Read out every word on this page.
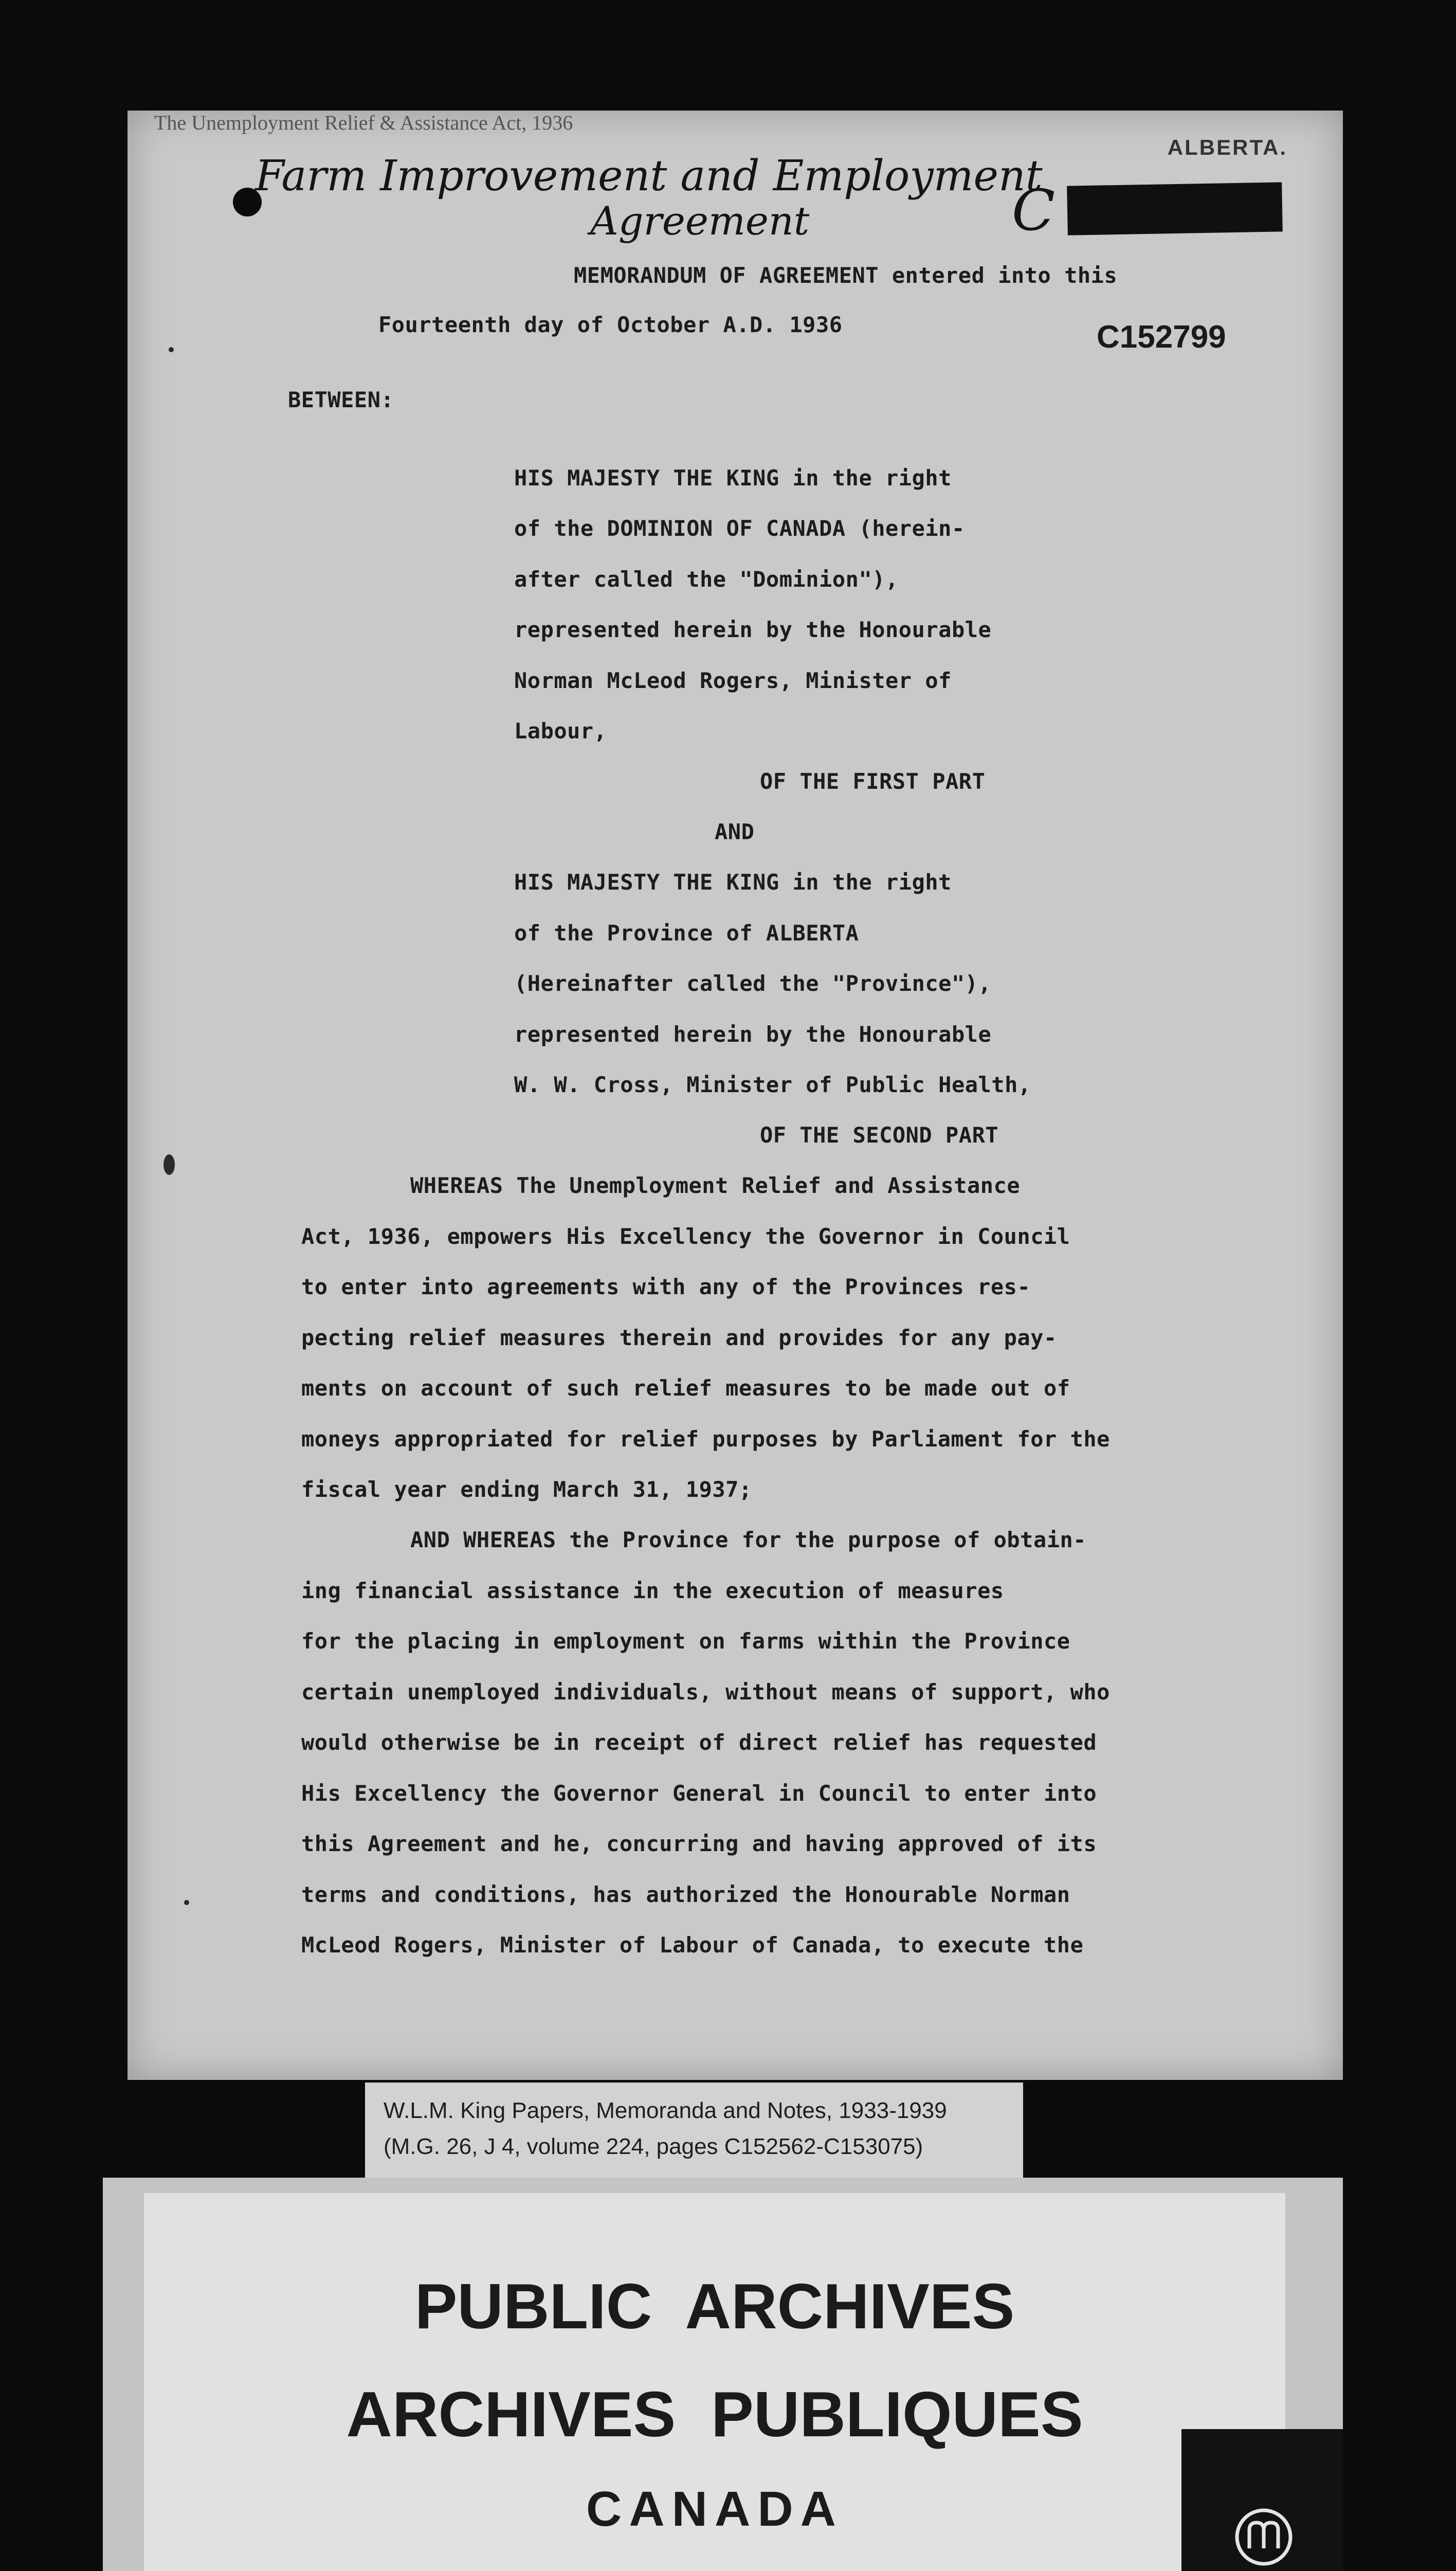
The Unemployment Relief & Assistance Act, 1936
ALBERTA.
Farm Improvement and Employment
Agreement	C
C152799
MEMORANDUM OF AGREEMENT entered into this
Fourteenth day of October A.D. 1936
BETWEEN:
HIS MAJESTY THE KING in the right
of the DOMINION OF CANADA (herein-
after called the "Dominion"),
represented herein by the Honourable
Norman McLeod Rogers, Minister of
Labour,
OF THE FIRST PART
AND
HIS MAJESTY THE KING in the right
of the Province of ALBERTA
(Hereinafter called the "Province"),
represented herein by the Honourable
W. W. Cross, Minister of Public Health,
OF THE SECOND PART
WHEREAS The Unemployment Relief and Assistance
Act, 1936, empowers His Excellency the Governor in Council
to enter into agreements with any of the Provinces res-
pecting relief measures therein and provides for any pay-
ments on account of such relief measures to be made out of
moneys appropriated for relief purposes by Parliament for the
fiscal year ending March 31, 1937;
AND WHEREAS the Province for the purpose of obtain-
ing financial assistance in the execution of measures
for the placing in employment on farms within the Province
certain unemployed individuals, without means of support, who
would otherwise be in receipt of direct relief has requested
His Excellency the Governor General in Council to enter into
this Agreement and he, concurring and having approved of its
terms and conditions, has authorized the Honourable Norman
McLeod Rogers, Minister of Labour of Canada, to execute the
W.L.M. King Papers, Memoranda and Notes, 1933-1939
(M.G. 26, J 4, volume 224, pages C152562-C153075)
PUBLIC  ARCHIVES
ARCHIVES  PUBLIQUES
CANADA
